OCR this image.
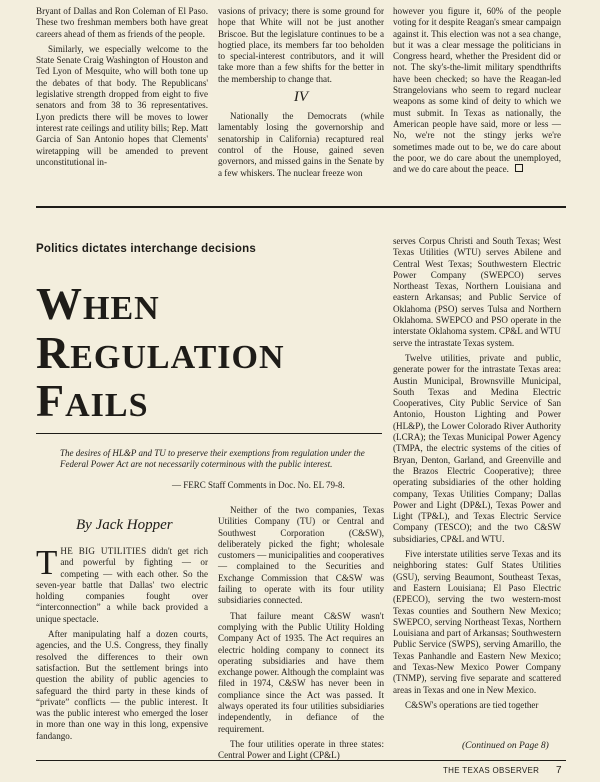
Bryant of Dallas and Ron Coleman of El Paso. These two freshman members both have great careers ahead of them as friends of the people.

Similarly, we especially welcome to the State Senate Craig Washington of Houston and Ted Lyon of Mesquite, who will both tone up the debates of that body. The Republicans' legislative strength dropped from eight to five senators and from 38 to 36 representatives. Lyon predicts there will be moves to lower interest rate ceilings and utility bills; Rep. Matt Garcia of San Antonio hopes that Clements' wiretapping will be amended to prevent unconstitutional in-

vasions of privacy; there is some ground for hope that White will not be just another Briscoe. But the legislature continues to be a hogtied place, its members far too beholden to special-interest contributors, and it will take more than a few shifts for the better in the membership to change that.

IV

Nationally the Democrats (while lamentably losing the governorship and senatorship in California) recaptured real control of the House, gained seven governors, and missed gains in the Senate by a few whiskers. The nuclear freeze won

however you figure it, 60% of the people voting for it despite Reagan's smear campaign against it. This election was not a sea change, but it was a clear message the politicians in Congress heard, whether the President did or not. The sky's-the-limit military spendthrifts have been checked; so have the Reagan-led Strangelovians who seem to regard nuclear weapons as some kind of deity to which we must submit. In Texas as nationally, the American people have said, more or less — No, we're not the stingy jerks we're sometimes made out to be, we do care about the poor, we do care about the unemployed, and we do care about the peace.

Politics dictates interchange decisions
WHEN
REGULATION
FAILS
The desires of HL&P and TU to preserve their exemptions from regulation under the Federal Power Act are not necessarily coterminous with the public interest.
— FERC Staff Comments in Doc. No. EL 79-8.
By Jack Hopper

THE BIG UTILITIES didn't get rich and powerful by fighting — or competing — with each other. So the seven-year battle that Dallas' two electric holding companies fought over “interconnection” a while back provided a unique spectacle.

After manipulating half a dozen courts, agencies, and the U.S. Congress, they finally resolved the differences to their own satisfaction. But the settlement brings into question the ability of public agencies to safeguard the third party in these kinds of “private” conflicts — the public interest. It was the public interest who emerged the loser in more than one way in this long, expensive fandango.

Neither of the two companies, Texas Utilities Company (TU) or Central and Southwest Corporation (C&SW), deliberately picked the fight; wholesale customers — municipalities and cooperatives — complained to the Securities and Exchange Commission that C&SW was failing to operate with its four utility subsidiaries connected.

That failure meant C&SW wasn't complying with the Public Utility Holding Company Act of 1935. The Act requires an electric holding company to connect its operating subsidiaries and have them exchange power. Although the complaint was filed in 1974, C&SW has never been in compliance since the Act was passed. It always operated its four utilities subsidiaries independently, in defiance of the requirement.

The four utilities operate in three states: Central Power and Light (CP&L)

serves Corpus Christi and South Texas; West Texas Utilities (WTU) serves Abilene and Central West Texas; Southwestern Electric Power Company (SWEPCO) serves Northeast Texas, Northern Louisiana and eastern Arkansas; and Public Service of Oklahoma (PSO) serves Tulsa and Northern Oklahoma. SWEPCO and PSO operate in the interstate Oklahoma system. CP&L and WTU serve the intrastate Texas system.

Twelve utilities, private and public, generate power for the intrastate Texas area: Austin Municipal, Brownsville Municipal, South Texas and Medina Electric Cooperatives, City Public Service of San Antonio, Houston Lighting and Power (HL&P), the Lower Colorado River Authority (LCRA); the Texas Municipal Power Agency (TMPA, the electric systems of the cities of Bryan, Denton, Garland, and Greenville and the Brazos Electric Cooperative); three operating subsidiaries of the other holding company, Texas Utilities Company; Dallas Power and Light (DP&L), Texas Power and Light (TP&L), and Texas Electric Service Company (TESCO); and the two C&SW subsidiaries, CP&L and WTU.

Five interstate utilities serve Texas and its neighboring states: Gulf States Utilities (GSU), serving Beaumont, Southeast Texas, and Eastern Louisiana; El Paso Electric (EPECO), serving the two western-most Texas counties and Southern New Mexico; SWEPCO, serving Northeast Texas, Northern Louisiana and part of Arkansas; Southwestern Public Service (SWPS), serving Amarillo, the Texas Panhandle and Eastern New Mexico; and Texas-New Mexico Power Company (TNMP), serving five separate and scattered areas in Texas and one in New Mexico.

C&SW's operations are tied together

(Continued on Page 8)
THE TEXAS OBSERVER 7
